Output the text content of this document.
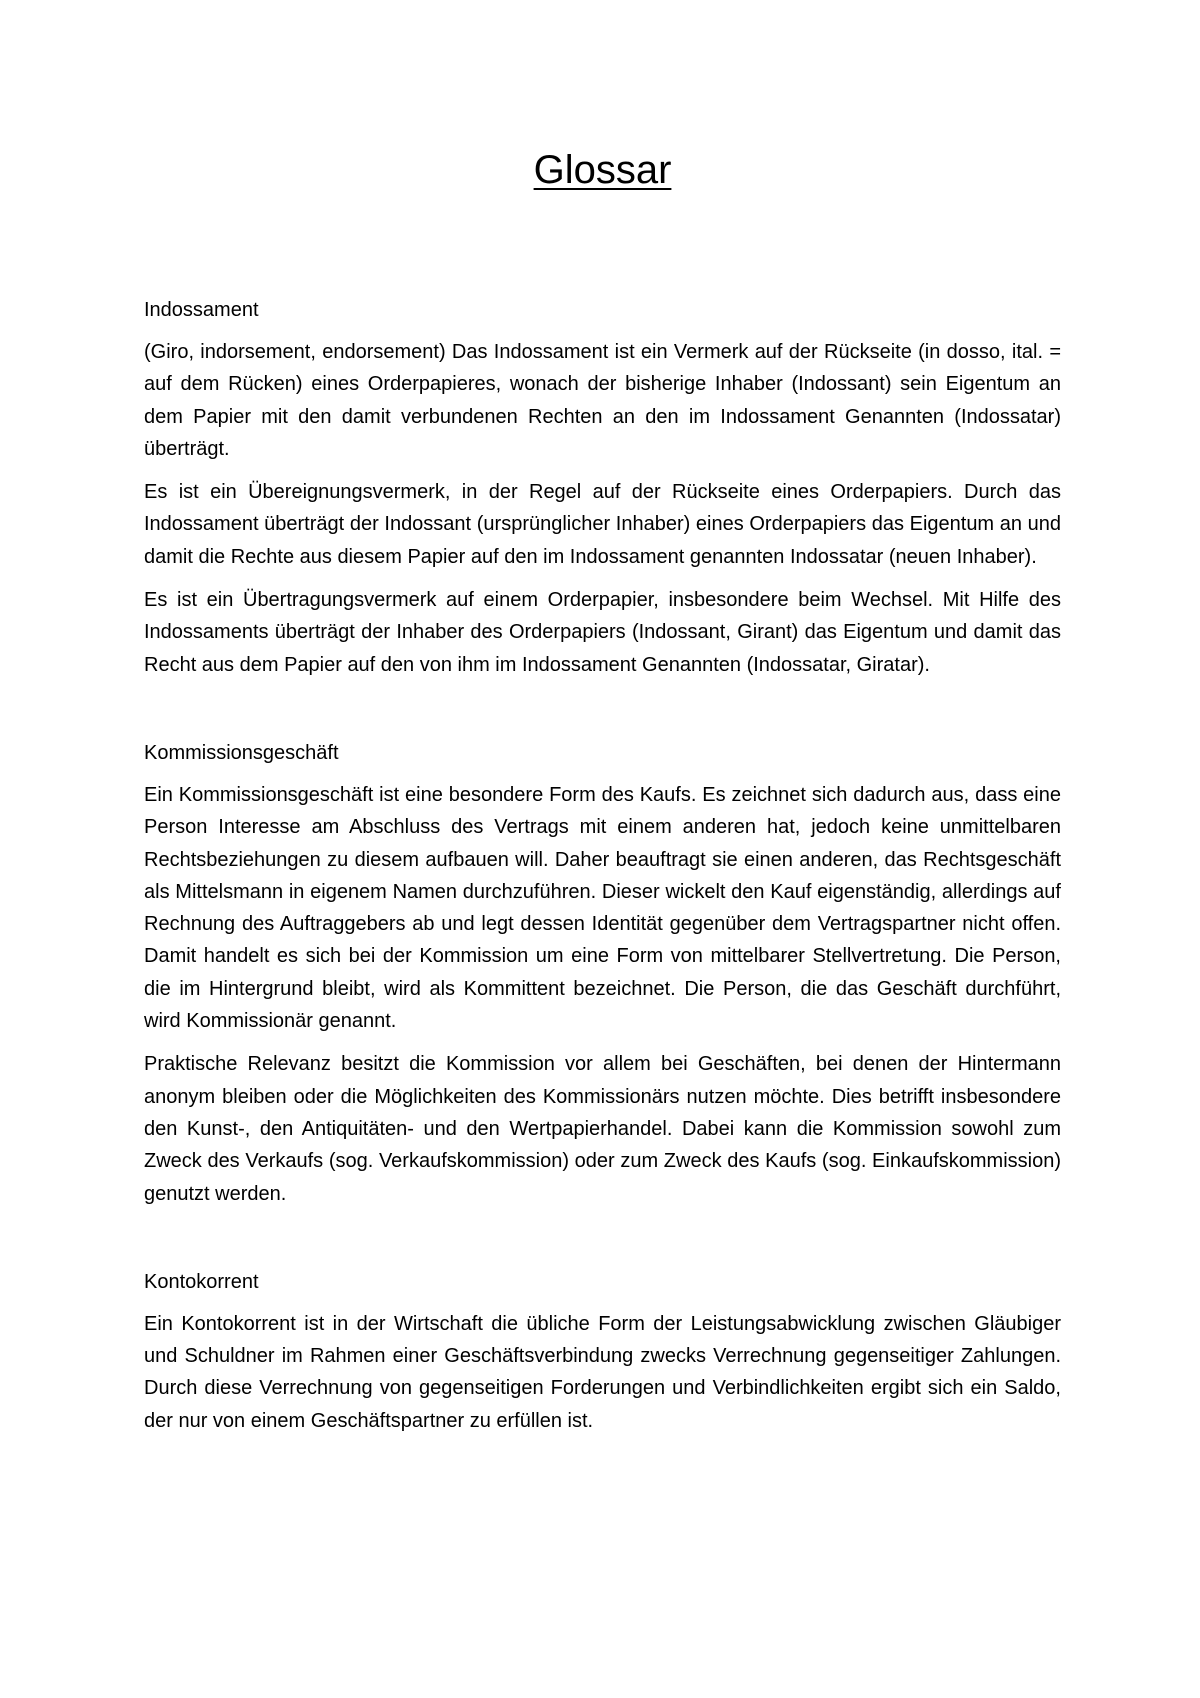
Glossar

Indossament

(Giro, indorsement, endorsement) Das Indossament ist ein Vermerk auf der Rückseite (in dosso, ital. = auf dem Rücken) eines Orderpapieres, wonach der bisherige Inhaber (Indossant) sein Eigentum an dem Papier mit den damit verbundenen Rechten an den im Indossament Genannten (Indossatar) überträgt.

Es ist ein Übereignungsvermerk, in der Regel auf der Rückseite eines Orderpapiers. Durch das Indossament überträgt der Indossant (ursprünglicher Inhaber) eines Orderpapiers das Eigentum an und damit die Rechte aus diesem Papier auf den im Indossament genannten Indossatar (neuen Inhaber).

Es ist ein Übertragungsvermerk auf einem Orderpapier, insbesondere beim Wechsel. Mit Hilfe des Indossaments überträgt der Inhaber des Orderpapiers (Indossant, Girant) das Eigentum und damit das Recht aus dem Papier auf den von ihm im Indossament Genannten (Indossatar, Giratar).

Kommissionsgeschäft

Ein Kommissionsgeschäft ist eine besondere Form des Kaufs. Es zeichnet sich dadurch aus, dass eine Person Interesse am Abschluss des Vertrags mit einem anderen hat, jedoch keine unmittelbaren Rechtsbeziehungen zu diesem aufbauen will. Daher beauftragt sie einen anderen, das Rechtsgeschäft als Mittelsmann in eigenem Namen durchzuführen. Dieser wickelt den Kauf eigenständig, allerdings auf Rechnung des Auftraggebers ab und legt dessen Identität gegenüber dem Vertragspartner nicht offen. Damit handelt es sich bei der Kommission um eine Form von mittelbarer Stellvertretung. Die Person, die im Hintergrund bleibt, wird als Kommittent bezeichnet. Die Person, die das Geschäft durchführt, wird Kommissionär genannt.

Praktische Relevanz besitzt die Kommission vor allem bei Geschäften, bei denen der Hintermann anonym bleiben oder die Möglichkeiten des Kommissionärs nutzen möchte. Dies betrifft insbesondere den Kunst-, den Antiquitäten- und den Wertpapierhandel. Dabei kann die Kommission sowohl zum Zweck des Verkaufs (sog. Verkaufskommission) oder zum Zweck des Kaufs (sog. Einkaufskommission) genutzt werden.

Kontokorrent

Ein Kontokorrent ist in der Wirtschaft die übliche Form der Leistungsabwicklung zwischen Gläubiger und Schuldner im Rahmen einer Geschäftsverbindung zwecks Verrechnung gegenseitiger Zahlungen. Durch diese Verrechnung von gegenseitigen Forderungen und Verbindlichkeiten ergibt sich ein Saldo, der nur von einem Geschäftspartner zu erfüllen ist.
